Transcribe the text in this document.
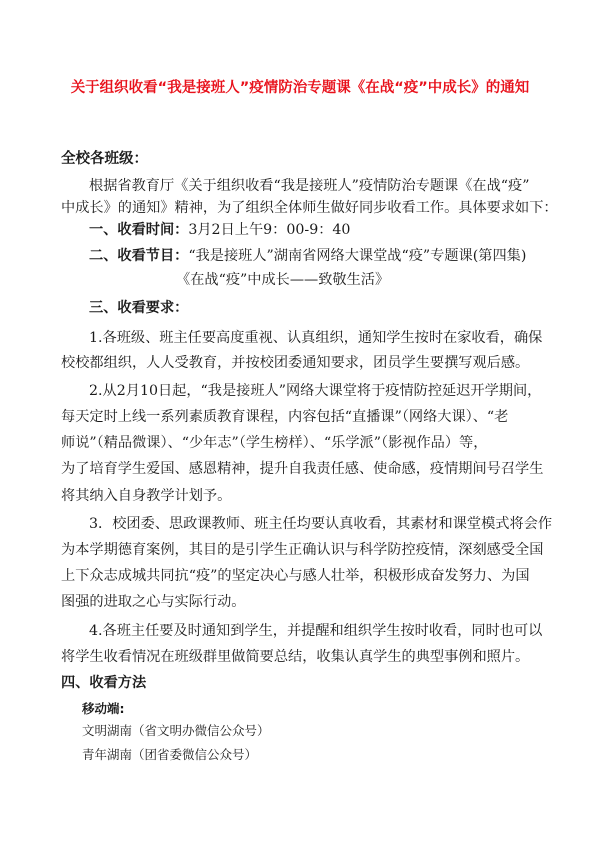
关于组织收看“我是接班人”疫情防治专题课《在战“疫”中成长》的通知
全校各班级：
根据省教育厅《关于组织收看“我是接班人”疫情防治专题课《在战“疫”
中成长》的通知》精神，为了组织全体师生做好同步收看工作。具体要求如下：
一、收看时间：3月2日上午9：00-9：40
二、收看节目：“我是接班人”湖南省网络大课堂战“疫”专题课(第四集)
《在战“疫”中成长——致敬生活》
三、收看要求：
1.各班级、班主任要高度重视、认真组织，通知学生按时在家收看，确保
校校都组织，人人受教育，并按校团委通知要求，团员学生要撰写观后感。
2.从2月10日起，“我是接班人”网络大课堂将于疫情防控延迟开学期间，
每天定时上线一系列素质教育课程，内容包括“直播课”（网络大课）、“老
师说”（精品微课）、“少年志”（学生榜样）、“乐学派”（影视作品）等，
为了培育学生爱国、感恩精神，提升自我责任感、使命感，疫情期间号召学生
将其纳入自身教学计划予。
3．校团委、思政课教师、班主任均要认真收看，其素材和课堂模式将会作
为本学期德育案例，其目的是引学生正确认识与科学防控疫情，深刻感受全国
上下众志成城共同抗“疫”的坚定决心与感人壮举，积极形成奋发努力、为国
图强的进取之心与实际行动。
4.各班主任要及时通知到学生，并提醒和组织学生按时收看，同时也可以
将学生收看情况在班级群里做简要总结，收集认真学生的典型事例和照片。
四、收看方法
移动端:
文明湖南（省文明办微信公众号）
青年湖南（团省委微信公众号）
